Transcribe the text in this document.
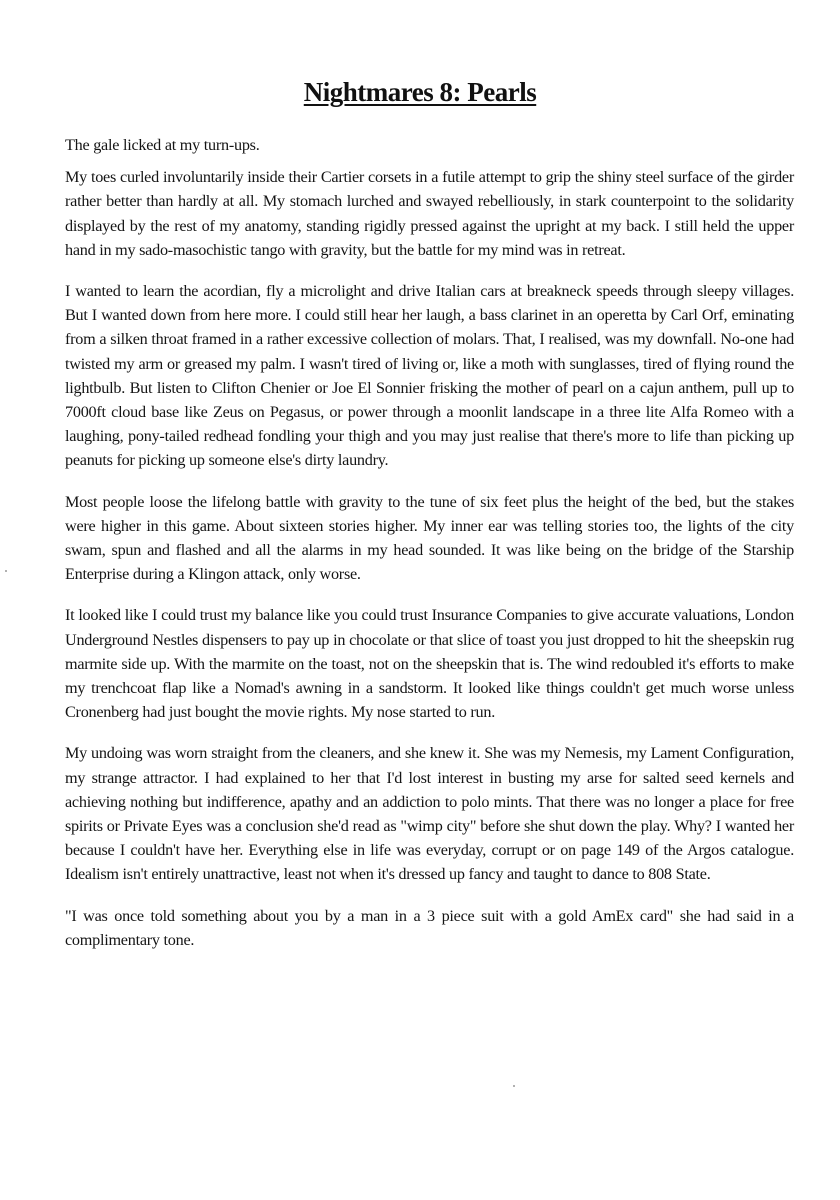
Nightmares 8: Pearls

The gale licked at my turn-ups.

My toes curled involuntarily inside their Cartier corsets in a futile attempt to grip the shiny steel surface of the girder rather better than hardly at all. My stomach lurched and swayed rebelliously, in stark counterpoint to the solidarity displayed by the rest of my anatomy, standing rigidly pressed against the upright at my back. I still held the upper hand in my sado-masochistic tango with gravity, but the battle for my mind was in retreat.

I wanted to learn the acordian, fly a microlight and drive Italian cars at breakneck speeds through sleepy villages. But I wanted down from here more. I could still hear her laugh, a bass clarinet in an operetta by Carl Orf, eminating from a silken throat framed in a rather excessive collection of molars. That, I realised, was my downfall. No-one had twisted my arm or greased my palm. I wasn't tired of living or, like a moth with sunglasses, tired of flying round the lightbulb. But listen to Clifton Chenier or Joe El Sonnier frisking the mother of pearl on a cajun anthem, pull up to 7000ft cloud base like Zeus on Pegasus, or power through a moonlit landscape in a three lite Alfa Romeo with a laughing, pony-tailed redhead fondling your thigh and you may just realise that there's more to life than picking up peanuts for picking up someone else's dirty laundry.

Most people loose the lifelong battle with gravity to the tune of six feet plus the height of the bed, but the stakes were higher in this game. About sixteen stories higher. My inner ear was telling stories too, the lights of the city swam, spun and flashed and all the alarms in my head sounded. It was like being on the bridge of the Starship Enterprise during a Klingon attack, only worse.

It looked like I could trust my balance like you could trust Insurance Companies to give accurate valuations, London Underground Nestles dispensers to pay up in chocolate or that slice of toast you just dropped to hit the sheepskin rug marmite side up. With the marmite on the toast, not on the sheepskin that is. The wind redoubled it's efforts to make my trenchcoat flap like a Nomad's awning in a sandstorm. It looked like things couldn't get much worse unless Cronenberg had just bought the movie rights. My nose started to run.

My undoing was worn straight from the cleaners, and she knew it. She was my Nemesis, my Lament Configuration, my strange attractor. I had explained to her that I'd lost interest in busting my arse for salted seed kernels and achieving nothing but indifference, apathy and an addiction to polo mints. That there was no longer a place for free spirits or Private Eyes was a conclusion she'd read as "wimp city" before she shut down the play. Why? I wanted her because I couldn't have her. Everything else in life was everyday, corrupt or on page 149 of the Argos catalogue. Idealism isn't entirely unattractive, least not when it's dressed up fancy and taught to dance to 808 State.

"I was once told something about you by a man in a 3 piece suit with a gold AmEx card" she had said in a complimentary tone.
